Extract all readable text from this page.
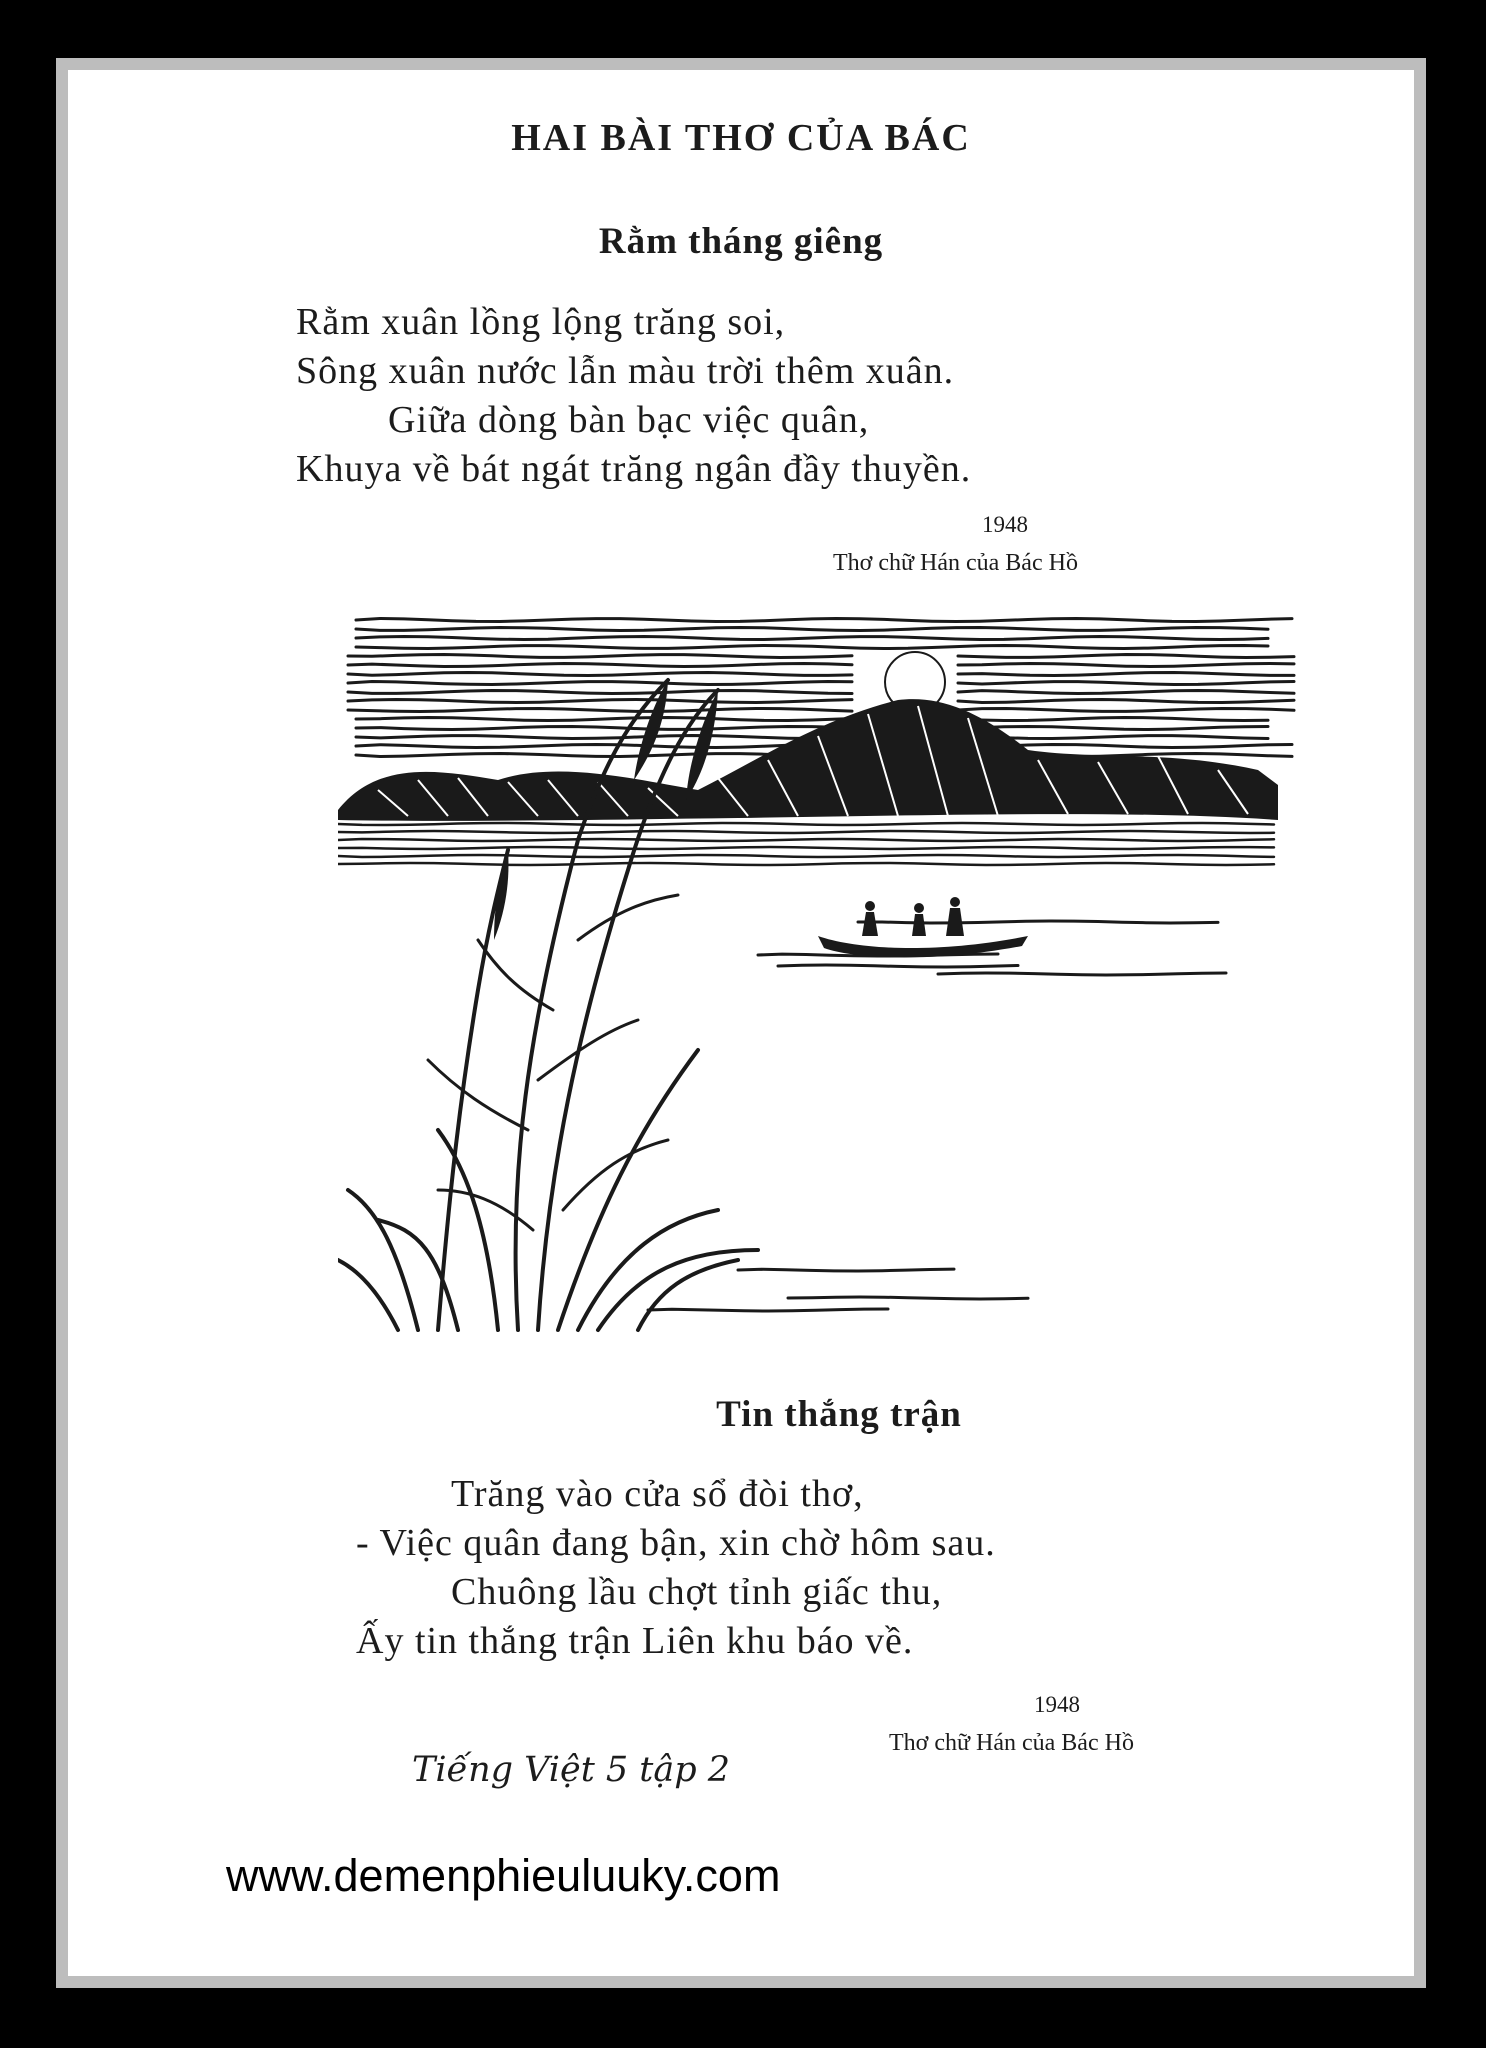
HAI BÀI THƠ CỦA BÁC
Rằm tháng giêng
Rằm xuân lồng lộng trăng soi,
Sông xuân nước lẫn màu trời thêm xuân.
Giữa dòng bàn bạc việc quân,
Khuya về bát ngát trăng ngân đầy thuyền.
1948
Thơ chữ Hán của Bác Hồ
Tin thắng trận
Trăng vào cửa sổ đòi thơ,
- Việc quân đang bận, xin chờ hôm sau.
Chuông lầu chợt tỉnh giấc thu,
Ấy tin thắng trận Liên khu báo về.
1948
Thơ chữ Hán của Bác Hồ
Tiếng Việt 5 tập 2
www.demenphieuluuky.com
